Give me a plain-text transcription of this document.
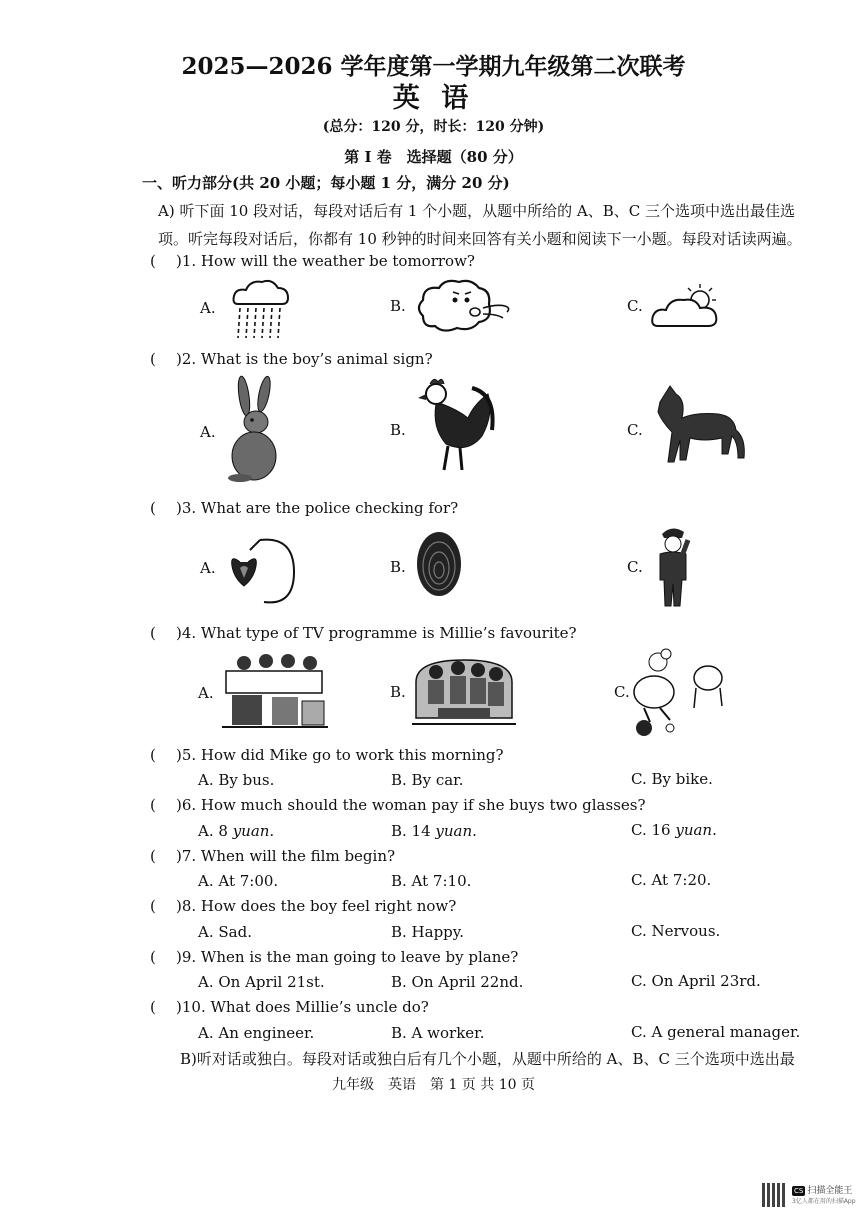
2025—2026 学年度第一学期九年级第二次联考
英 语
(总分：120 分，时长：120 分钟)
第 I 卷　选择题（80 分）
一、听力部分(共 20 小题；每小题 1 分，满分 20 分)
A) 听下面 10 段对话，每段对话后有 1 个小题，从题中所给的 A、B、C 三个选项中选出最佳选项。听完每段对话后，你都有 10 秒钟的时间来回答有关小题和阅读下一小题。每段对话读两遍。
( )1. How will the weather be tomorrow?
A.	B.	C.
( )2. What is the boy’s animal sign?
A.	B.	C.
( )3. What are the police checking for?
A.	B.	C.
( )4. What type of TV programme is Millie’s favourite?
A.	B.	C.
( )5. How did Mike go to work this morning?
A. By bus.	B. By car.	C. By bike.
( )6. How much should the woman pay if she buys two glasses?
A. 8 yuan.	B. 14 yuan.	C. 16 yuan.
( )7. When will the film begin?
A. At 7:00.	B. At 7:10.	C. At 7:20.
( )8. How does the boy feel right now?
A. Sad.	B. Happy.	C. Nervous.
( )9. When is the man going to leave by plane?
A. On April 21st.	B. On April 22nd.	C. On April 23rd.
( )10. What does Millie’s uncle do?
A. An engineer.	B. A worker.	C. A general manager.
B)听对话或独白。每段对话或独白后有几个小题，从题中所给的 A、B、C 三个选项中选出最
九年级　英语　第 1 页 共 10 页
CS 扫描全能王
3亿人都在用的扫描App
